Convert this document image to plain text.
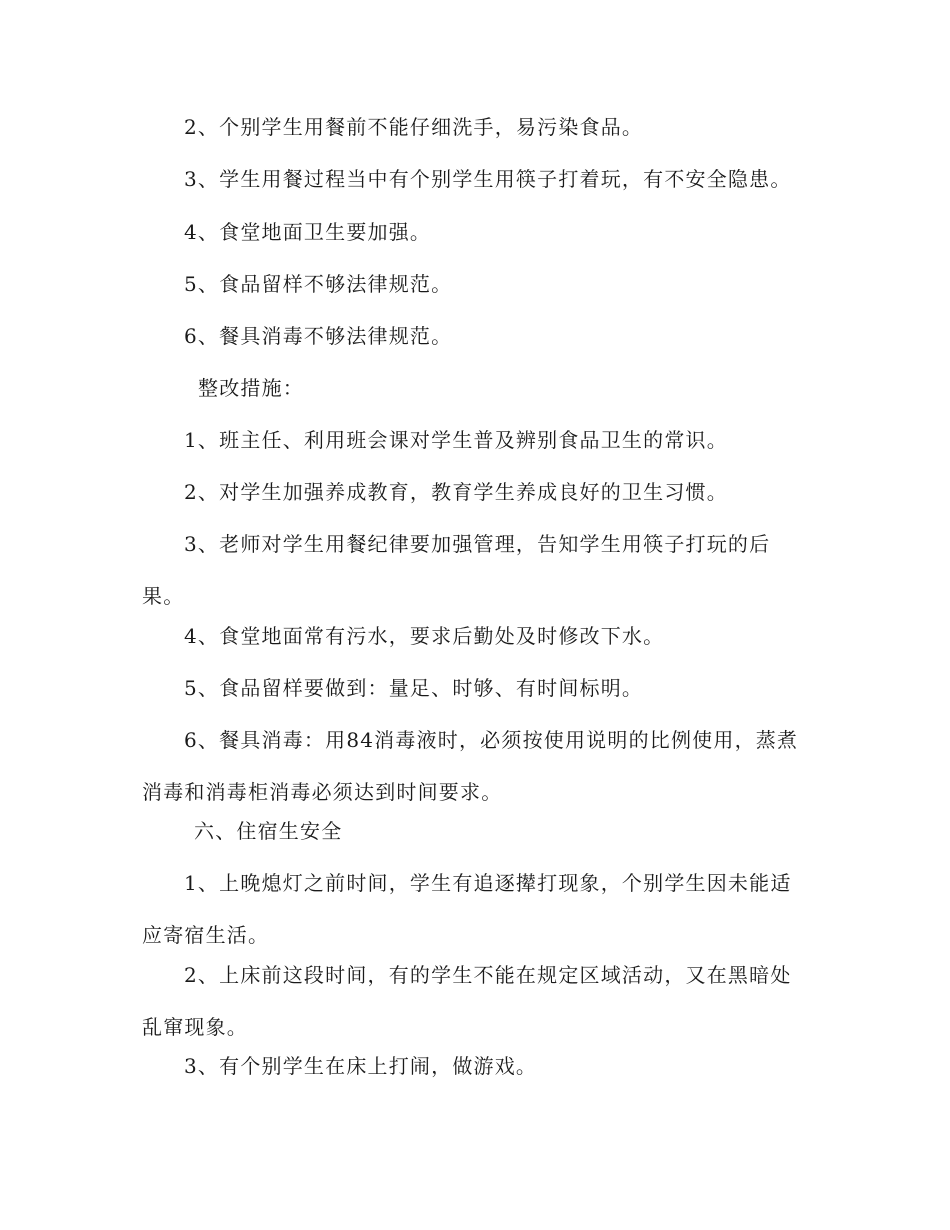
2、个别学生用餐前不能仔细洗手，易污染食品。

3、学生用餐过程当中有个别学生用筷子打着玩，有不安全隐患。

4、食堂地面卫生要加强。

5、食品留样不够法律规范。

6、餐具消毒不够法律规范。

整改措施：

1、班主任、利用班会课对学生普及辨别食品卫生的常识。

2、对学生加强养成教育，教育学生养成良好的卫生习惯。

3、老师对学生用餐纪律要加强管理，告知学生用筷子打玩的后果。

4、食堂地面常有污水，要求后勤处及时修改下水。

5、食品留样要做到：量足、时够、有时间标明。

6、餐具消毒：用84消毒液时，必须按使用说明的比例使用，蒸煮消毒和消毒柜消毒必须达到时间要求。

六、住宿生安全

1、上晚熄灯之前时间，学生有追逐撵打现象，个别学生因未能适应寄宿生活。

2、上床前这段时间，有的学生不能在规定区域活动，又在黑暗处乱窜现象。

3、有个别学生在床上打闹，做游戏。
